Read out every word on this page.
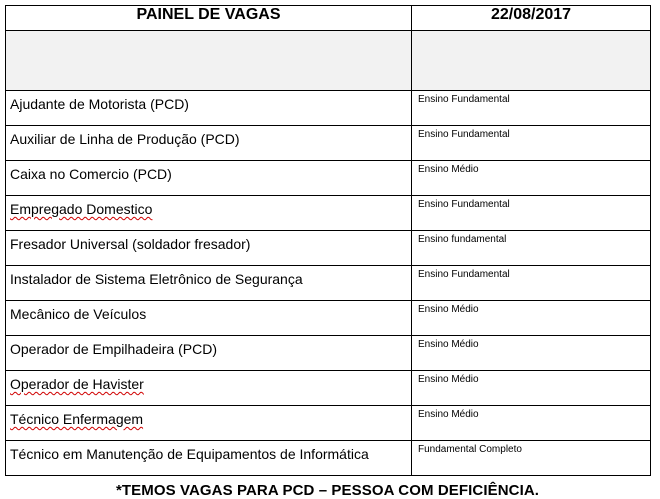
PAINEL DE VAGAS	22/08/2017

Ajudante de Motorista (PCD)	Ensino Fundamental
Auxiliar de Linha de Produção (PCD)	Ensino Fundamental
Caixa no Comercio (PCD)	Ensino Médio
Empregado Domestico	Ensino Fundamental
Fresador Universal (soldador fresador)	Ensino fundamental
Instalador de Sistema Eletrônico de Segurança	Ensino Fundamental
Mecânico de Veículos	Ensino Médio
Operador de Empilhadeira (PCD)	Ensino Médio
Operador de Havister	Ensino Médio
Técnico Enfermagem	Ensino Médio
Técnico em Manutenção de Equipamentos de Informática	Fundamental Completo
*TEMOS VAGAS PARA PCD – PESSOA COM DEFICIÊNCIA.
